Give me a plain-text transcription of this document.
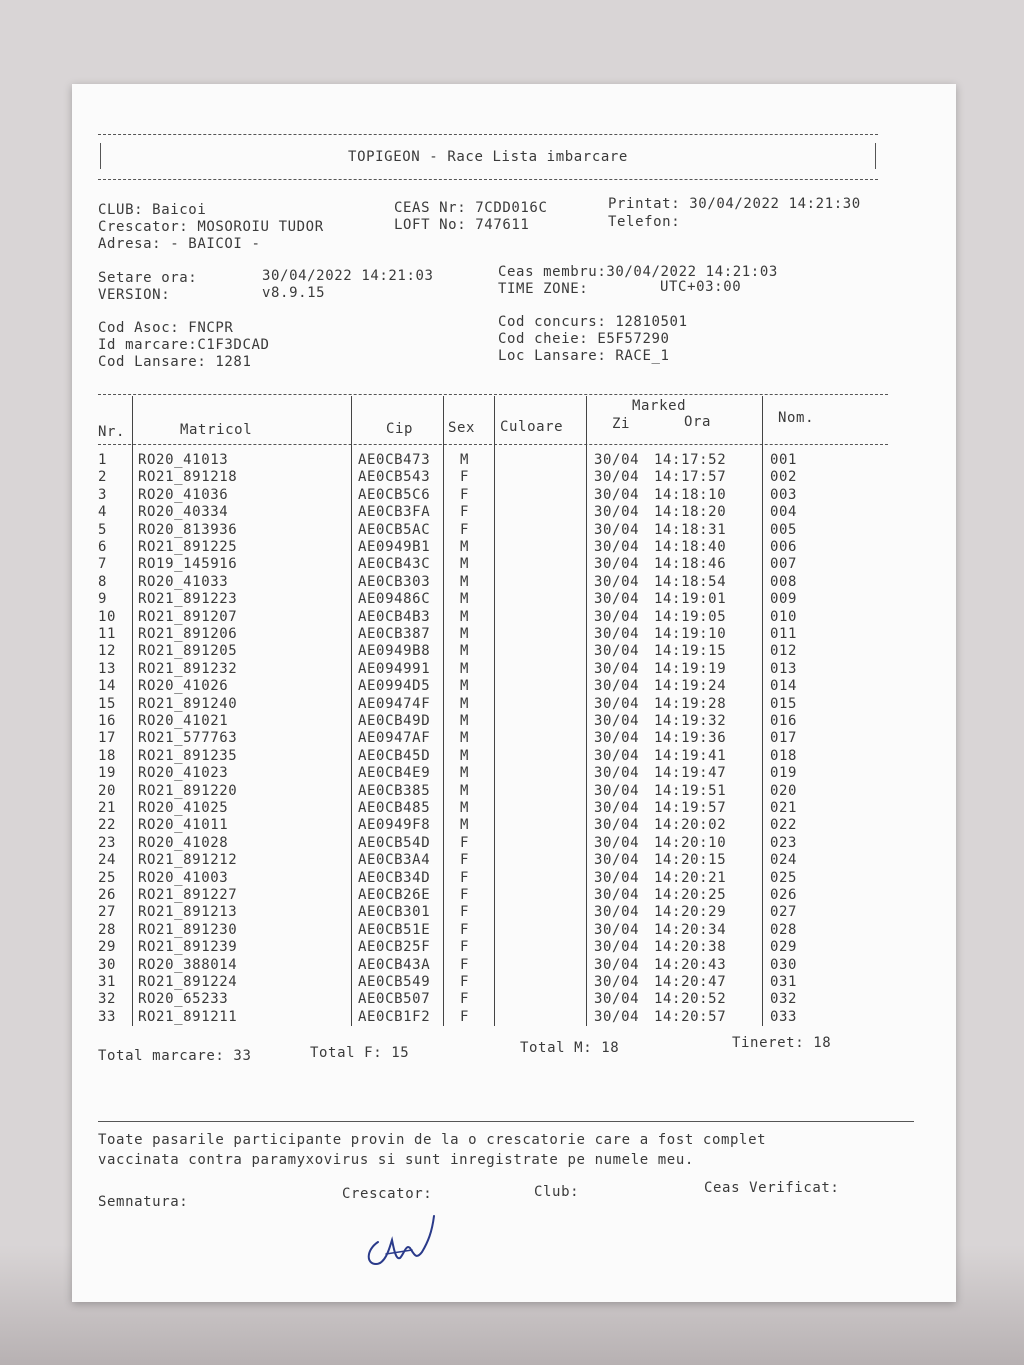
TOPIGEON - Race Lista imbarcare
CLUB: Baicoi
Crescator: MOSOROIU TUDOR
Adresa: - BAICOI -
CEAS Nr: 7CDD016C
LOFT No: 747611
Printat: 30/04/2022 14:21:30
Telefon:
Setare ora:	30/04/2022 14:21:03
VERSION:	v8.9.15
Ceas membru:30/04/2022 14:21:03
TIME ZONE:	UTC+03:00
Cod Asoc: FNCPR
Id marcare:C1F3DCAD
Cod Lansare: 1281
Cod concurs: 12810501
Cod cheie: E5F57290
Loc Lansare: RACE_1
Nr.	Matricol	Cip Sex Culoare
Marked
Zi	Ora	Nom.
1 RO20_41013	AE0CB473 M	30/04 14:17:52	001
2 RO21_891218	AE0CB543 F	30/04 14:17:57	002
3 RO20_41036	AE0CB5C6 F	30/04 14:18:10	003
4 RO20_40334	AE0CB3FA F	30/04 14:18:20	004
5 RO20_813936	AE0CB5AC F	30/04 14:18:31	005
6 RO21_891225	AE0949B1 M	30/04 14:18:40	006
7 RO19_145916	AE0CB43C M	30/04 14:18:46	007
8 RO20_41033	AE0CB303 M	30/04 14:18:54	008
9 RO21_891223	AE09486C M	30/04 14:19:01	009
10 RO21_891207	AE0CB4B3 M	30/04 14:19:05	010
11 RO21_891206	AE0CB387 M	30/04 14:19:10	011
12 RO21_891205	AE0949B8 M	30/04 14:19:15	012
13 RO21_891232	AE094991 M	30/04 14:19:19	013
14 RO20_41026	AE0994D5 M	30/04 14:19:24	014
15 RO21_891240	AE09474F M	30/04 14:19:28	015
16 RO20_41021	AE0CB49D M	30/04 14:19:32	016
17 RO21_577763	AE0947AF M	30/04 14:19:36	017
18 RO21_891235	AE0CB45D M	30/04 14:19:41	018
19 RO20_41023	AE0CB4E9 M	30/04 14:19:47	019
20 RO21_891220	AE0CB385 M	30/04 14:19:51	020
21 RO20_41025	AE0CB485 M	30/04 14:19:57	021
22 RO20_41011	AE0949F8 M	30/04 14:20:02	022
23 RO20_41028	AE0CB54D F	30/04 14:20:10	023
24 RO21_891212	AE0CB3A4 F	30/04 14:20:15	024
25 RO20_41003	AE0CB34D F	30/04 14:20:21	025
26 RO21_891227	AE0CB26E F	30/04 14:20:25	026
27 RO21_891213	AE0CB301 F	30/04 14:20:29	027
28 RO21_891230	AE0CB51E F	30/04 14:20:34	028
29 RO21_891239	AE0CB25F F	30/04 14:20:38	029
30 RO20_388014	AE0CB43A F	30/04 14:20:43	030
31 RO21_891224	AE0CB549 F	30/04 14:20:47	031
32 RO20_65233	AE0CB507 F	30/04 14:20:52	032
33 RO21_891211	AE0CB1F2 F	30/04 14:20:57	033
Total marcare: 33	Total F: 15	Total M: 18	Tineret: 18
Toate pasarile participante provin de la o crescatorie care a fost complet
vaccinata contra paramyxovirus si sunt inregistrate pe numele meu.
Semnatura:	Crescator:	Club:	Ceas Verificat:
